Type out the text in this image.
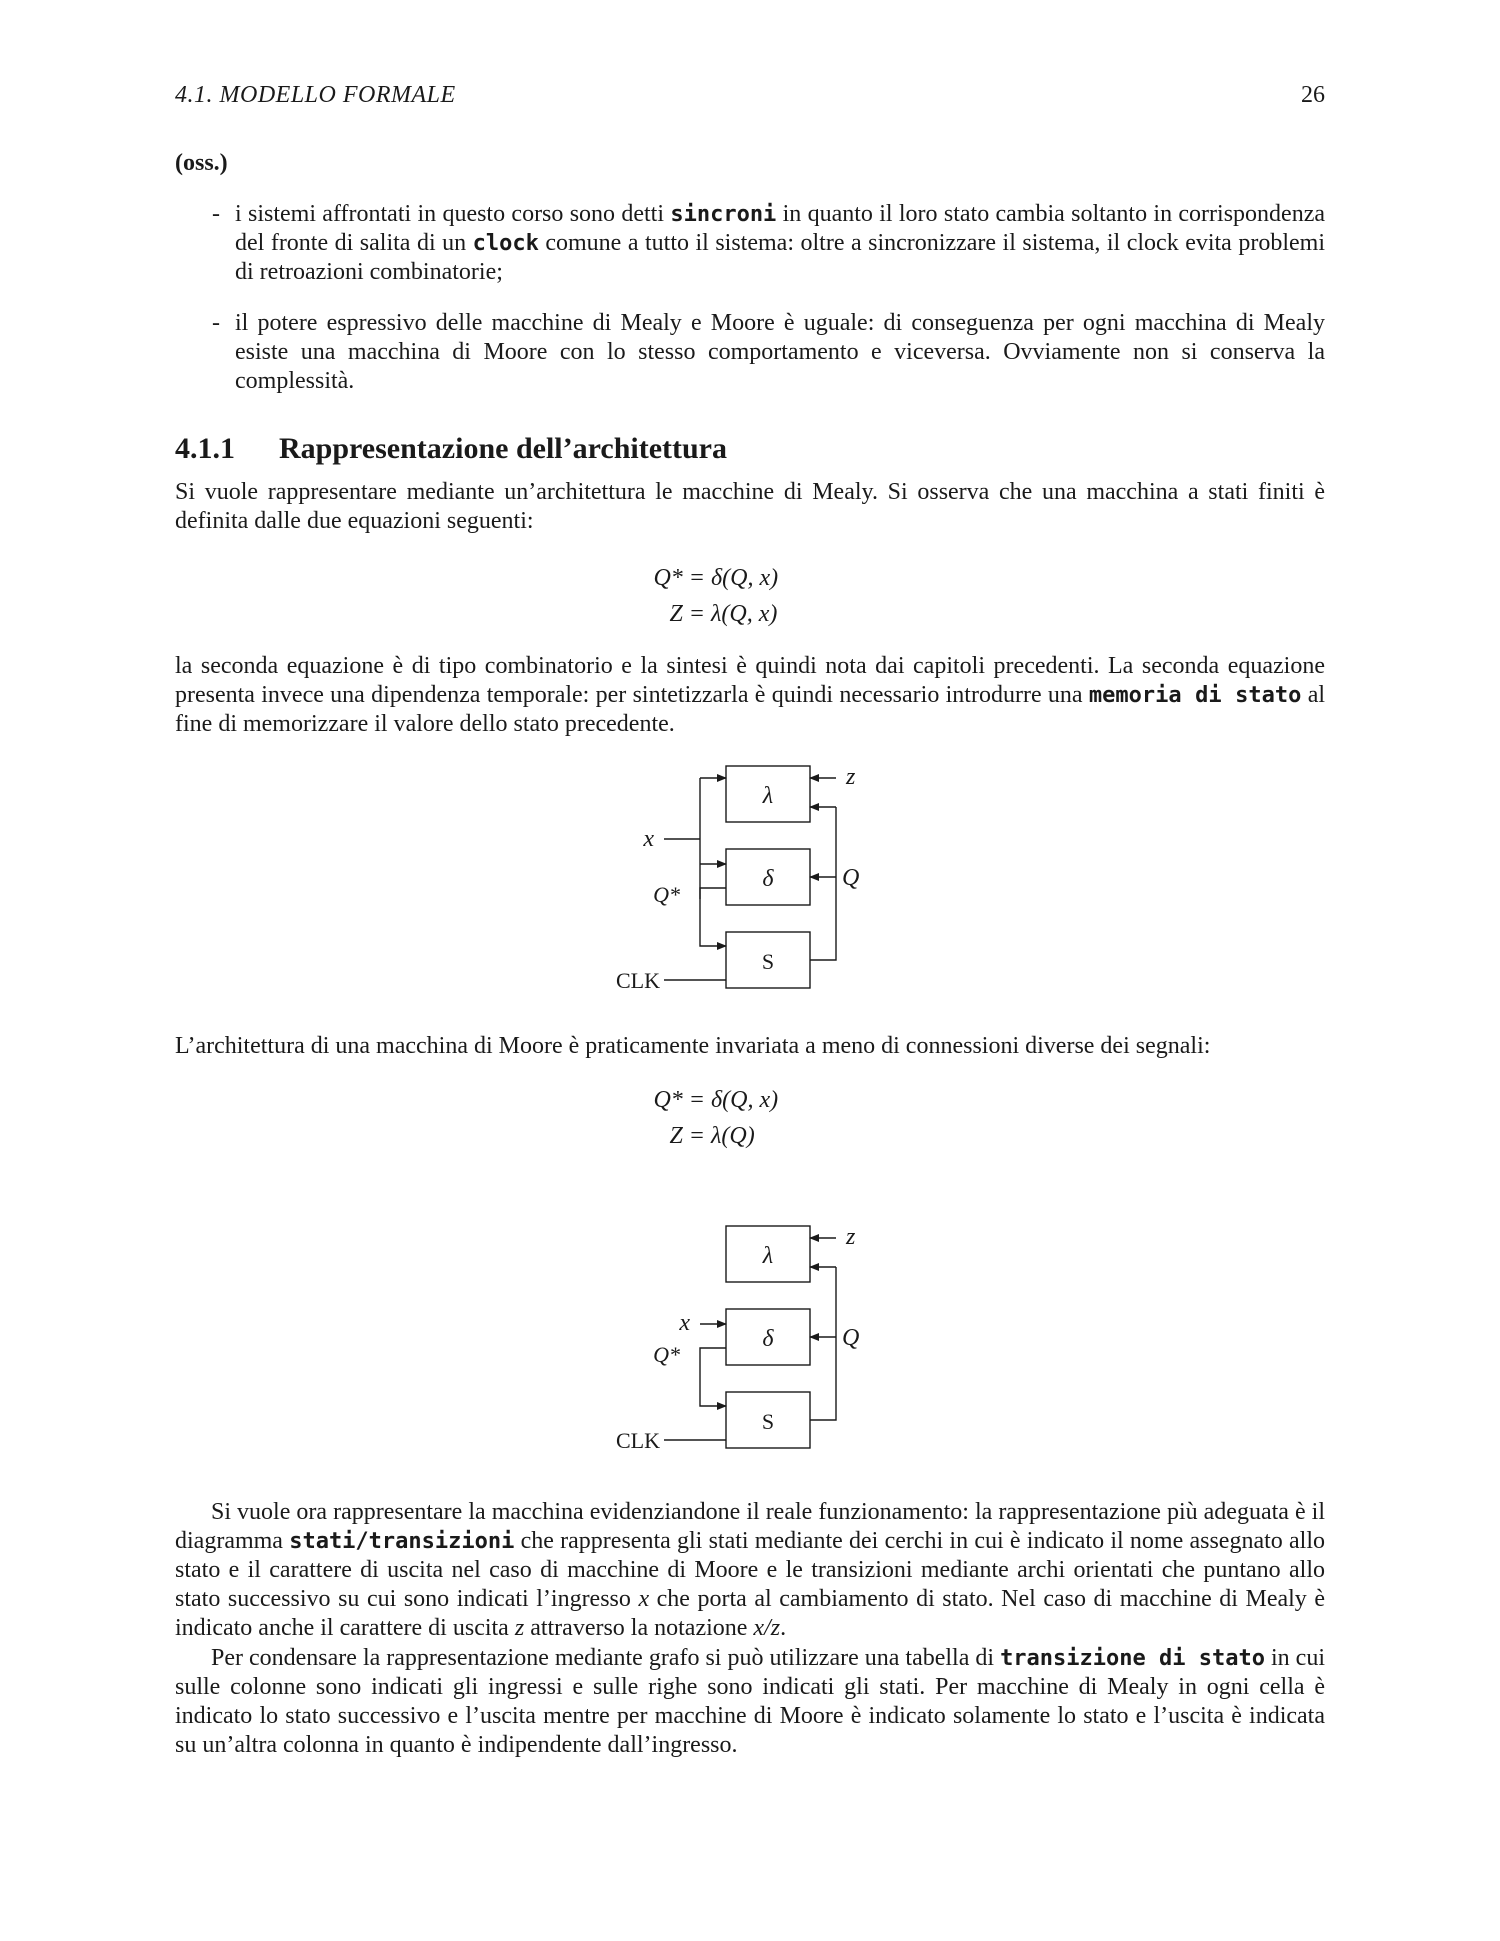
4.1. MODELLO FORMALE	26
(oss.)
- i sistemi affrontati in questo corso sono detti sincroni in quanto il loro stato cambia soltanto in corrispondenza del fronte di salita di un clock comune a tutto il sistema: oltre a sincronizzare il sistema, il clock evita problemi di retroazioni combinatorie;
- il potere espressivo delle macchine di Mealy e Moore è uguale: di conseguenza per ogni macchina di Mealy esiste una macchina di Moore con lo stesso comportamento e viceversa. Ovviamente non si conserva la complessità.
4.1.1 Rappresentazione dell’architettura

Si vuole rappresentare mediante un’architettura le macchine di Mealy. Si osserva che una macchina a stati finiti è definita dalle due equazioni seguenti:

Q* = δ(Q, x)
Z = λ(Q, x)

la seconda equazione è di tipo combinatorio e la sintesi è quindi nota dai capitoli precedenti. La seconda equazione presenta invece una dipendenza temporale: per sintetizzarla è quindi necessario introdurre una memoria di stato al fine di memorizzare il valore dello stato precedente.

λ
δ
S
x
Q*
CLK
z
Q

L’architettura di una macchina di Moore è praticamente invariata a meno di connessioni diverse dei segnali:

Q* = δ(Q, x)
Z = λ(Q)
λ
δ
S
x
Q*
CLK
z
Q

Si vuole ora rappresentare la macchina evidenziandone il reale funzionamento: la rappresentazione più adeguata è il diagramma stati/transizioni che rappresenta gli stati mediante dei cerchi in cui è indicato il nome assegnato allo stato e il carattere di uscita nel caso di macchine di Moore e le transizioni mediante archi orientati che puntano allo stato successivo su cui sono indicati l’ingresso x che porta al cambiamento di stato. Nel caso di macchine di Mealy è indicato anche il carattere di uscita z attraverso la notazione x/z.

Per condensare la rappresentazione mediante grafo si può utilizzare una tabella di transizione di stato in cui sulle colonne sono indicati gli ingressi e sulle righe sono indicati gli stati. Per macchine di Mealy in ogni cella è indicato lo stato successivo e l’uscita mentre per macchine di Moore è indicato solamente lo stato e l’uscita è indicata su un’altra colonna in quanto è indipendente dall’ingresso.
